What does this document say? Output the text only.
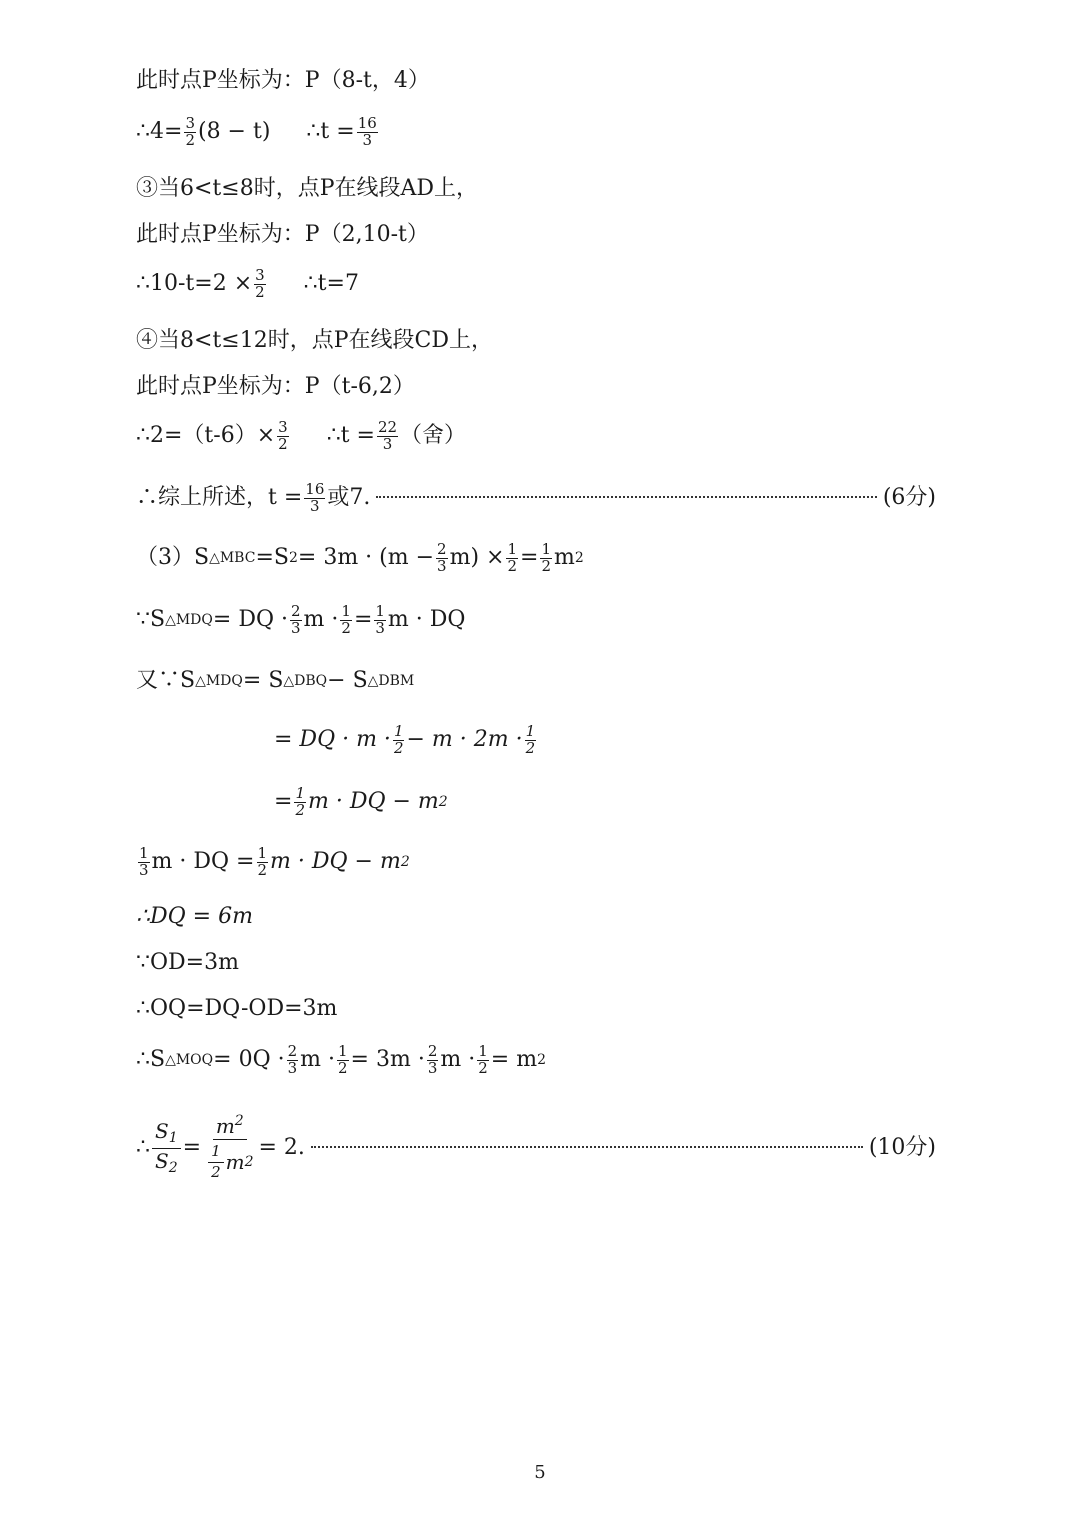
此时点P坐标为：P（8-t，4）
∴4= $\frac{3}{2} (8 - t)$ ∴t = $\frac{16}{3}$
③当6<t≤8时，点P在线段AD上，
此时点P坐标为：P（2,10-t）
∴10-t=2 × $\frac{3}{2}$ ∴t=7
④当8<t≤12时，点P在线段CD上，
此时点P坐标为：P（t-6,2）
∴2=（t-6）× $\frac{3}{2}$ ∴t = $\frac{22}{3}$ （舍）
∴综上所述，$t = \frac{16}{3}$ 或7.	(6分)
（3）S △MBC =S $2 = 3m \cdot (m - \frac{2}{3} m) \times \frac{1}{2} = \frac{1}{2}$ m 2
∵S △MDQ = DQ · $\frac{2}{3}$ $m \cdot \frac{1}{2} = \frac{1}{3}$ m · DQ
又∵S △MDQ = S △DBQ − S △DBM
= DQ · $m \cdot \frac{1}{2} - m \cdot 2m \cdot \frac{1}{2}$
= $\frac{1}{2}$ m · DQ − m 2
$\frac{1}{3}$ m · DQ = $\frac{1}{2}$ m · DQ − m 2
∴DQ = 6m
∵OD=3m
∴OQ=DQ-OD=3m
∴S △MOQ = $0Q \cdot \frac{2}{3}$ $m \cdot \frac{1}{2} = 3m \cdot \frac{2}{3}$ $m \cdot \frac{1}{2} = m$ 2
∴ $\frac{S_1}{S_2} = \frac{m^2}{\frac{1}{2} m 2} = 2$.	(10分)
5
